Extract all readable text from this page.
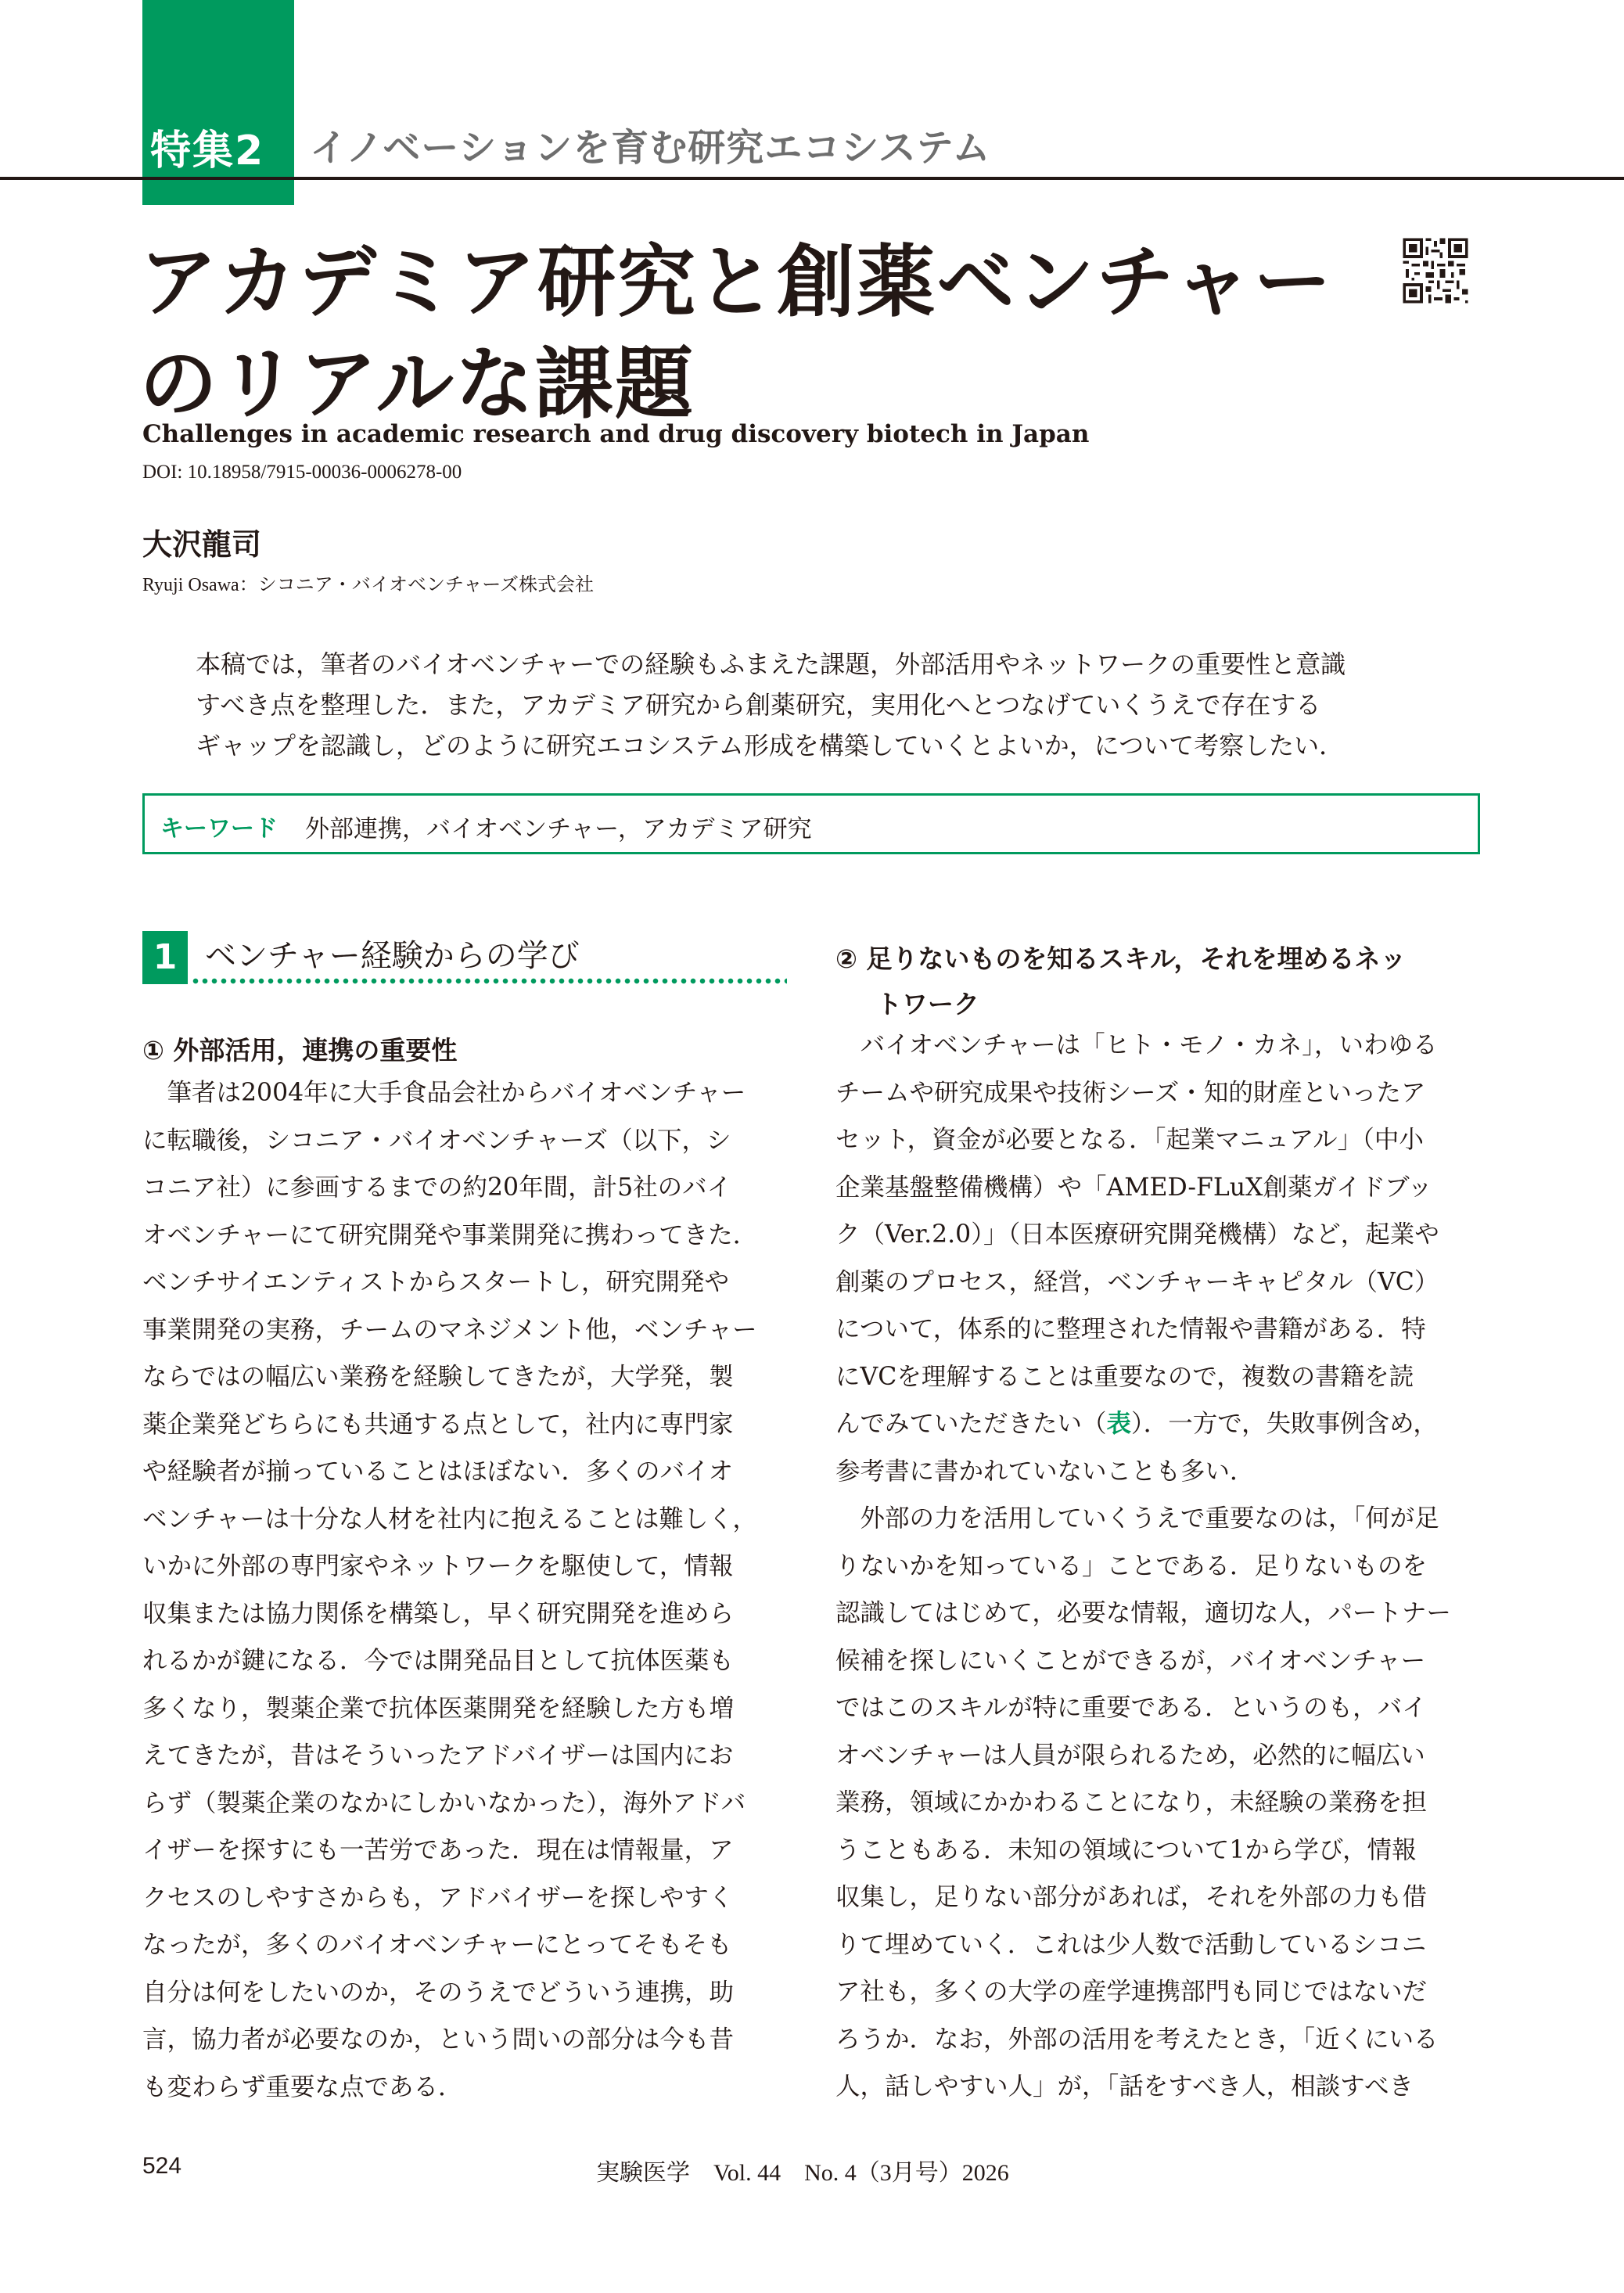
特集2 イノベーションを育む研究エコシステム
アカデミア研究と創薬ベンチャー
のリアルな課題
Challenges in academic research and drug discovery biotech in Japan
DOI: 10.18958/7915-00036-0006278-00
大沢龍司
Ryuji Osawa：シコニア・バイオベンチャーズ株式会社
本稿では，筆者のバイオベンチャーでの経験もふまえた課題，外部活用やネットワークの重要性と意識
すべき点を整理した．また，アカデミア研究から創薬研究，実用化へとつなげていくうえで存在する
ギャップを認識し，どのように研究エコシステム形成を構築していくとよいか，について考察したい．
キーワード 外部連携，バイオベンチャー，アカデミア研究
1 ベンチャー経験からの学び
① 外部活用，連携の重要性
　筆者は2004年に大手食品会社からバイオベンチャー
に転職後，シコニア・バイオベンチャーズ（以下，シ
コニア社）に参画するまでの約20年間，計5社のバイ
オベンチャーにて研究開発や事業開発に携わってきた．
ベンチサイエンティストからスタートし，研究開発や
事業開発の実務，チームのマネジメント他，ベンチャー
ならではの幅広い業務を経験してきたが，大学発，製
薬企業発どちらにも共通する点として，社内に専門家
や経験者が揃っていることはほぼない．多くのバイオ
ベンチャーは十分な人材を社内に抱えることは難しく，
いかに外部の専門家やネットワークを駆使して，情報
収集または協力関係を構築し，早く研究開発を進めら
れるかが鍵になる．今では開発品目として抗体医薬も
多くなり，製薬企業で抗体医薬開発を経験した方も増
えてきたが，昔はそういったアドバイザーは国内にお
らず（製薬企業のなかにしかいなかった），海外アドバ
イザーを探すにも一苦労であった．現在は情報量，ア
クセスのしやすさからも，アドバイザーを探しやすく
なったが，多くのバイオベンチャーにとってそもそも
自分は何をしたいのか，そのうえでどういう連携，助
言，協力者が必要なのか，という問いの部分は今も昔
も変わらず重要な点である．
② 足りないものを知るスキル，それを埋めるネッ
トワーク
　バイオベンチャーは「ヒト・モノ・カネ」，いわゆる
チームや研究成果や技術シーズ・知的財産といったア
セット，資金が必要となる．「起業マニュアル」（中小
企業基盤整備機構）や「AMED-FLuX創薬ガイドブッ
ク（Ver.2.0）」（日本医療研究開発機構）など，起業や
創薬のプロセス，経営，ベンチャーキャピタル（VC）
について，体系的に整理された情報や書籍がある．特
にVCを理解することは重要なので，複数の書籍を読
んでみていただきたい（表）．一方で，失敗事例含め，
参考書に書かれていないことも多い．
　外部の力を活用していくうえで重要なのは，「何が足
りないかを知っている」ことである．足りないものを
認識してはじめて，必要な情報，適切な人，パートナー
候補を探しにいくことができるが，バイオベンチャー
ではこのスキルが特に重要である．というのも，バイ
オベンチャーは人員が限られるため，必然的に幅広い
業務，領域にかかわることになり，未経験の業務を担
うこともある．未知の領域について1から学び，情報
収集し，足りない部分があれば，それを外部の力も借
りて埋めていく．これは少人数で活動しているシコニ
ア社も，多くの大学の産学連携部門も同じではないだ
ろうか．なお，外部の活用を考えたとき，「近くにいる
人，話しやすい人」が，「話をすべき人，相談すべき
524	実験医学　Vol. 44　No. 4（3月号）2026
